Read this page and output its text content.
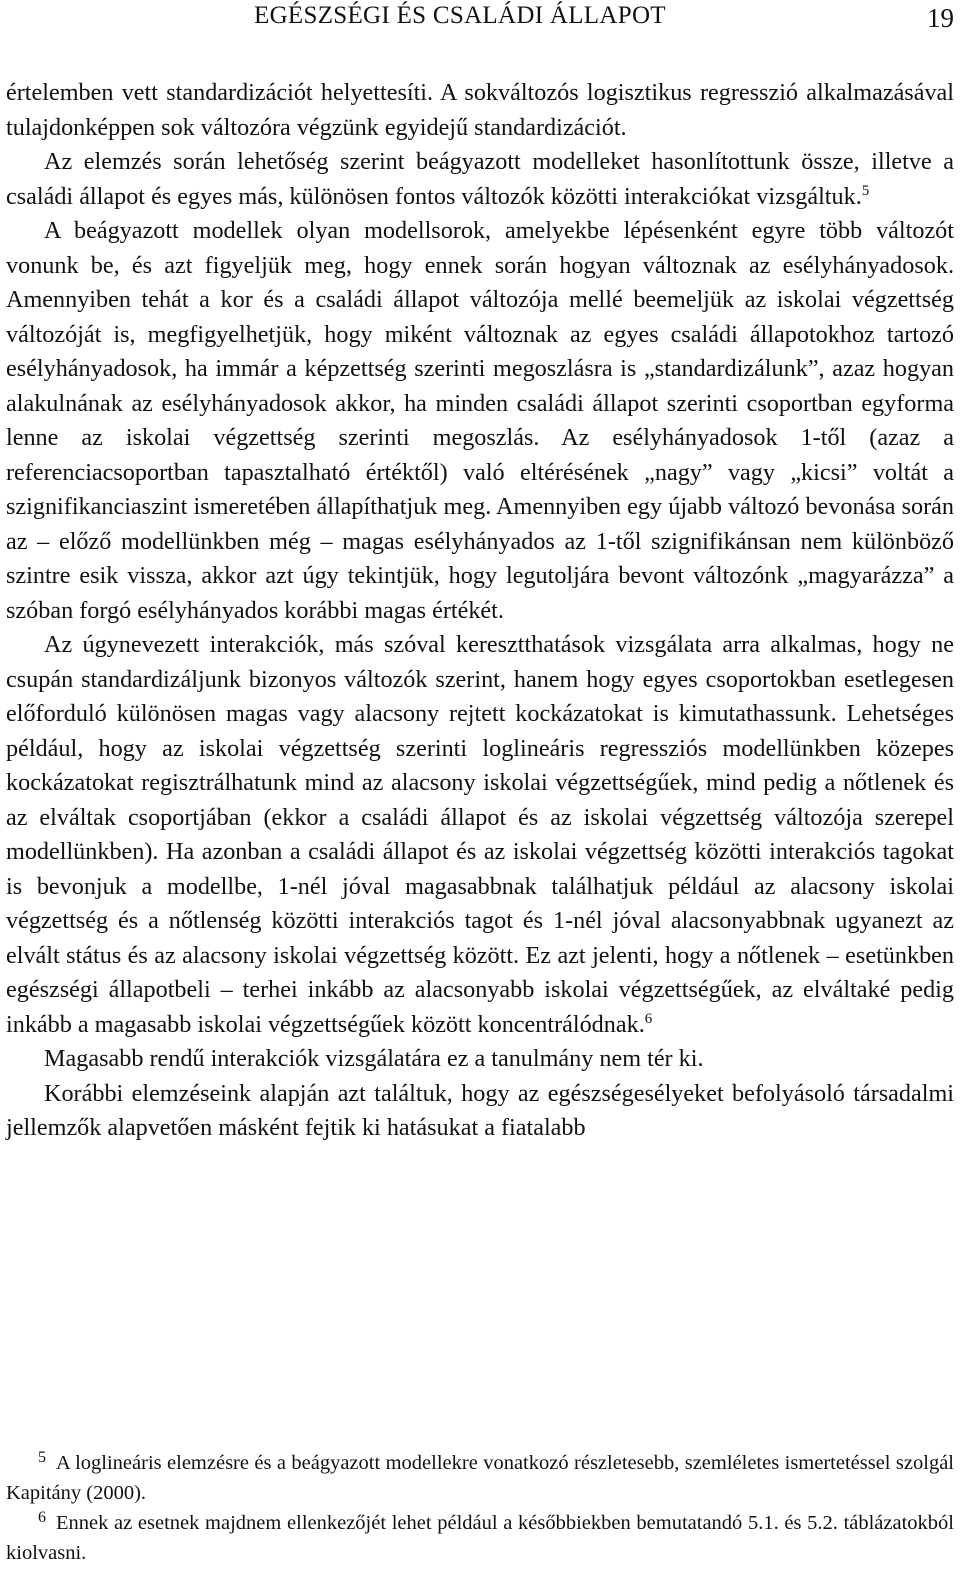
EGÉSZSÉGI ÉS CSALÁDI ÁLLAPOT	19

értelemben vett standardizációt helyettesíti. A sokváltozós logisztikus regresszió alkalmazásával tulajdonképpen sok változóra végzünk egyidejű standardizációt.

Az elemzés során lehetőség szerint beágyazott modelleket hasonlítottunk össze, illetve a családi állapot és egyes más, különösen fontos változók közötti interakciókat vizsgáltuk.$^5$

A beágyazott modellek olyan modellsorok, amelyekbe lépésenként egyre több változót vonunk be, és azt figyeljük meg, hogy ennek során hogyan változnak az esélyhányadosok. Amennyiben tehát a kor és a családi állapot változója mellé beemeljük az iskolai végzettség változóját is, megfigyelhetjük, hogy miként változnak az egyes családi állapotokhoz tartozó esélyhányadosok, ha immár a képzettség szerinti megoszlásra is „standardizálunk”, azaz hogyan alakulnának az esélyhányadosok akkor, ha minden családi állapot szerinti csoportban egyforma lenne az iskolai végzettség szerinti megoszlás. Az esélyhányadosok 1-től (azaz a referenciacsoportban tapasztalható értéktől) való eltérésének „nagy” vagy „kicsi” voltát a szignifikanciaszint ismeretében állapíthatjuk meg. Amennyiben egy újabb változó bevonása során az – előző modellünkben még – magas esélyhányados az 1-től szignifikánsan nem különböző szintre esik vissza, akkor azt úgy tekintjük, hogy legutoljára bevont változónk „magyarázza” a szóban forgó esélyhányados korábbi magas értékét.

Az úgynevezett interakciók, más szóval keresztthatások vizsgálata arra alkalmas, hogy ne csupán standardizáljunk bizonyos változók szerint, hanem hogy egyes csoportokban esetlegesen előforduló különösen magas vagy alacsony rejtett kockázatokat is kimutathassunk. Lehetséges például, hogy az iskolai végzettség szerinti loglineáris regressziós modellünkben közepes kockázatokat regisztrálhatunk mind az alacsony iskolai végzettségűek, mind pedig a nőtlenek és az elváltak csoportjában (ekkor a családi állapot és az iskolai végzettség változója szerepel modellünkben). Ha azonban a családi állapot és az iskolai végzettség közötti interakciós tagokat is bevonjuk a modellbe, 1-nél jóval magasabbnak találhatjuk például az alacsony iskolai végzettség és a nőtlenség közötti interakciós tagot és 1-nél jóval alacsonyabbnak ugyanezt az elvált státus és az alacsony iskolai végzettség között. Ez azt jelenti, hogy a nőtlenek – esetünkben egészségi állapotbeli – terhei inkább az alacsonyabb iskolai végzettségűek, az elváltaké pedig inkább a magasabb iskolai végzettségűek között koncentrálódnak.$^6$

Magasabb rendű interakciók vizsgálatára ez a tanulmány nem tér ki.

Korábbi elemzéseink alapján azt találtuk, hogy az egészségesélyeket befolyásoló társadalmi jellemzők alapvetően másként fejtik ki hatásukat a fiatalabb

$^5$ A loglineáris elemzésre és a beágyazott modellekre vonatkozó részletesebb, szemléletes ismertetéssel szolgál Kapitány (2000).

$^6$ Ennek az esetnek majdnem ellenkezőjét lehet például a későbbiekben bemutatandó 5.1. és 5.2. táblázatokból kiolvasni.
